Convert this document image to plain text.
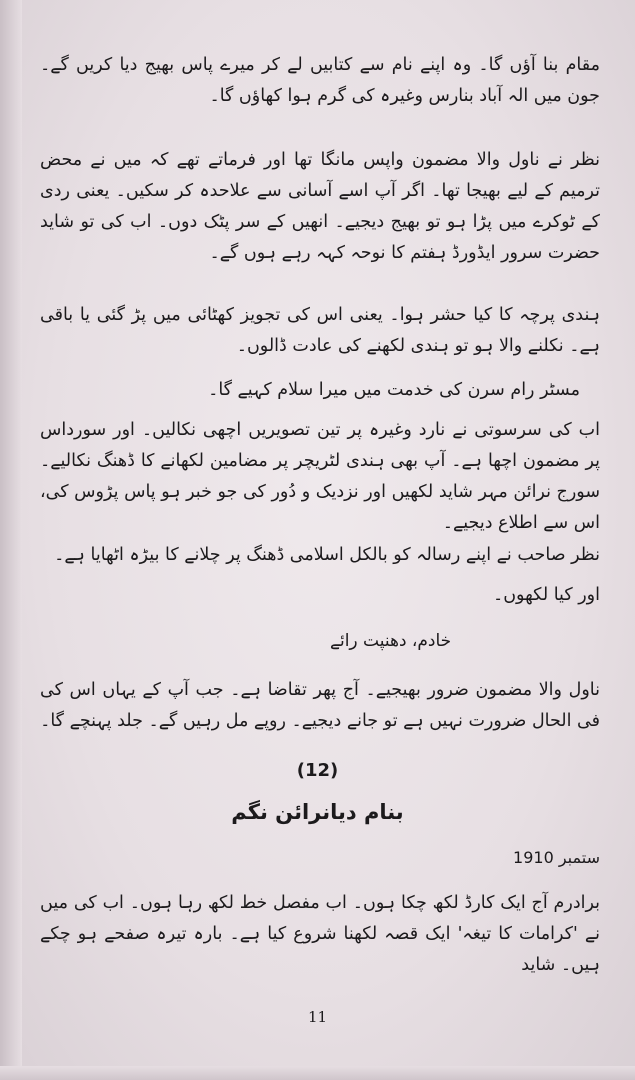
مقام بنا آؤں گا۔ وہ اپنے نام سے کتابیں لے کر میرے پاس بھیج دیا کریں گے۔ جون میں الہ آباد بنارس وغیرہ کی گرم ہوا کھاؤں گا۔
نظر نے ناول والا مضمون واپس مانگا تھا اور فرماتے تھے کہ میں نے محض ترمیم کے لیے بھیجا تھا۔ اگر آپ اسے آسانی سے علاحدہ کر سکیں۔ یعنی ردی کے ٹوکرے میں پڑا ہو تو بھیج دیجیے۔ انھیں کے سر پٹک دوں۔ اب کی تو شاید حضرت سرور ایڈورڈ ہفتم کا نوحہ کہہ رہے ہوں گے۔
ہندی پرچہ کا کیا حشر ہوا۔ یعنی اس کی تجویز کھٹائی میں پڑ گئی یا باقی ہے۔ نکلنے والا ہو تو ہندی لکھنے کی عادت ڈالوں۔
مسٹر رام سرن کی خدمت میں میرا سلام کہیے گا۔
اب کی سرسوتی نے نارد وغیرہ پر تین تصویریں اچھی نکالیں۔ اور سورداس پر مضمون اچھا ہے۔ آپ بھی ہندی لٹریچر پر مضامین لکھانے کا ڈھنگ نکالیے۔ سورج نرائن مہر شاید لکھیں اور نزدیک و دُور کی جو خبر ہو پاس پڑوس کی، اس سے اطلاع دیجیے۔
نظر صاحب نے اپنے رسالہ کو بالکل اسلامی ڈھنگ پر چلانے کا بیڑہ اٹھایا ہے۔
اور کیا لکھوں۔
خادم، دھنپت رائے
ناول والا مضمون ضرور بھیجیے۔ آج پھر تقاضا ہے۔ جب آپ کے یہاں اس کی فی الحال ضرورت نہیں ہے تو جانے دیجیے۔ روپے مل رہیں گے۔ جلد پہنچے گا۔
(12)
بنام دیانرائن نگم
ستمبر 1910
برادرم آج ایک کارڈ لکھ چکا ہوں۔ اب مفصل خط لکھ رہا ہوں۔ اب کی میں نے 'کرامات کا تیغہ' ایک قصہ لکھنا شروع کیا ہے۔ بارہ تیرہ صفحے ہو چکے ہیں۔ شاید
11
